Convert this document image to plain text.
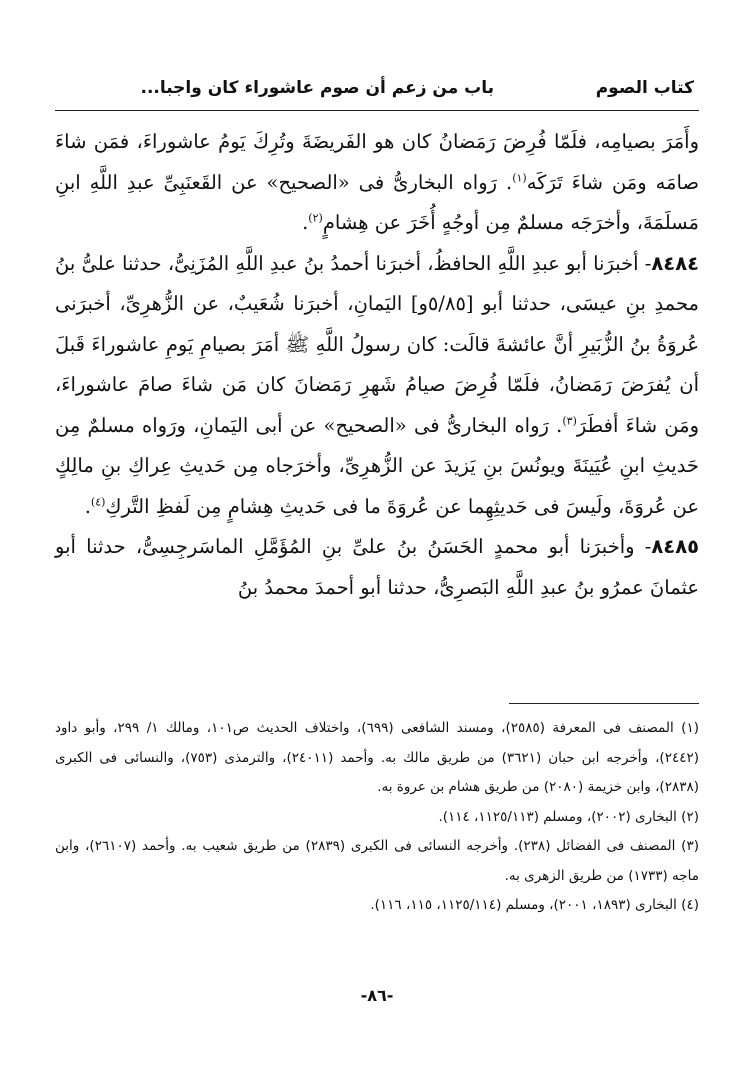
كتاب الصوم
باب من زعم أن صوم عاشوراء كان واجبا...

وأَمَرَ بصيامِه، فلَمّا فُرِضَ رَمَضانُ كان هو الفَريضَةَ وتُرِكَ يَومُ عاشوراءَ، فمَن شاءَ صامَه ومَن شاءَ تَرَكَه$^{(١)}$. رَواه البخارىُّ فى «الصحيح» عن القَعنَبِىِّ عبدِ اللَّهِ ابنِ مَسلَمَةَ، وأخرَجَه مسلمٌ مِن أوجُهٍ أُخَرَ عن هِشامٍ$^{(٢)}$.

٨٤٨٤- أخبرَنا أبو عبدِ اللَّهِ الحافظُ، أخبرَنا أحمدُ بنُ عبدِ اللَّهِ المُزَنِىُّ، حدثنا علىُّ بنُ محمدِ بنِ عيسَى، حدثنا أبو [٥/٨٥و] اليَمانِ، أخبرَنا شُعَيبٌ، عن الزُّهرِىِّ، أخبرَنى عُروَةُ بنُ الزُّبَيرِ أنَّ عائشةَ قالَت: كان رسولُ اللَّهِ ﷺ أمَرَ بصيامِ يَومِ عاشوراءَ قَبلَ أن يُفرَضَ رَمَضانُ، فلَمّا فُرِضَ صيامُ شَهرِ رَمَضانَ كان مَن شاءَ صامَ عاشوراءَ، ومَن شاءَ أفطَرَ$^{(٣)}$. رَواه البخارىُّ فى «الصحيح» عن أبى اليَمانِ، ورَواه مسلمٌ مِن حَديثِ ابنِ عُيَينَةَ ويونُسَ بنِ يَزيدَ عن الزُّهرِىِّ، وأخرَجاه مِن حَديثِ عِراكِ بنِ مالِكٍ عن عُروَةَ، ولَيسَ فى حَديثِهِما عن عُروَةَ ما فى حَديثِ هِشامٍ مِن لَفظِ التَّركِ$^{(٤)}$.

٨٤٨٥- وأخبرَنا أبو محمدٍ الحَسَنُ بنُ علىِّ بنِ المُؤَمَّلِ الماسَرجِسِىُّ، حدثنا أبو عثمانَ عمرُو بنُ عبدِ اللَّهِ البَصرِىُّ، حدثنا أبو أحمدَ محمدُ بنُ

(١) المصنف فى المعرفة (٢٥٨٥)، ومسند الشافعى (٦٩٩)، واختلاف الحديث ص١٠١، ومالك ١/ ٢٩٩، وأبو داود (٢٤٤٢)، وأخرجه ابن حبان (٣٦٢١) من طريق مالك به. وأحمد (٢٤٠١١)، والترمذى (٧٥٣)، والنسائى فى الكبرى (٢٨٣٨)، وابن خزيمة (٢٠٨٠) من طريق هشام بن عروة به.

(٢) البخارى (٢٠٠٢)، ومسلم (١١٢٥/١١٣، ١١٤).

(٣) المصنف فى الفضائل (٢٣٨). وأخرجه النسائى فى الكبرى (٢٨٣٩) من طريق شعيب به. وأحمد (٢٦١٠٧)، وابن ماجه (١٧٣٣) من طريق الزهرى به.

(٤) البخارى (١٨٩٣، ٢٠٠١)، ومسلم (١١٢٥/١١٤، ١١٥، ١١٦).

-٨٦-
